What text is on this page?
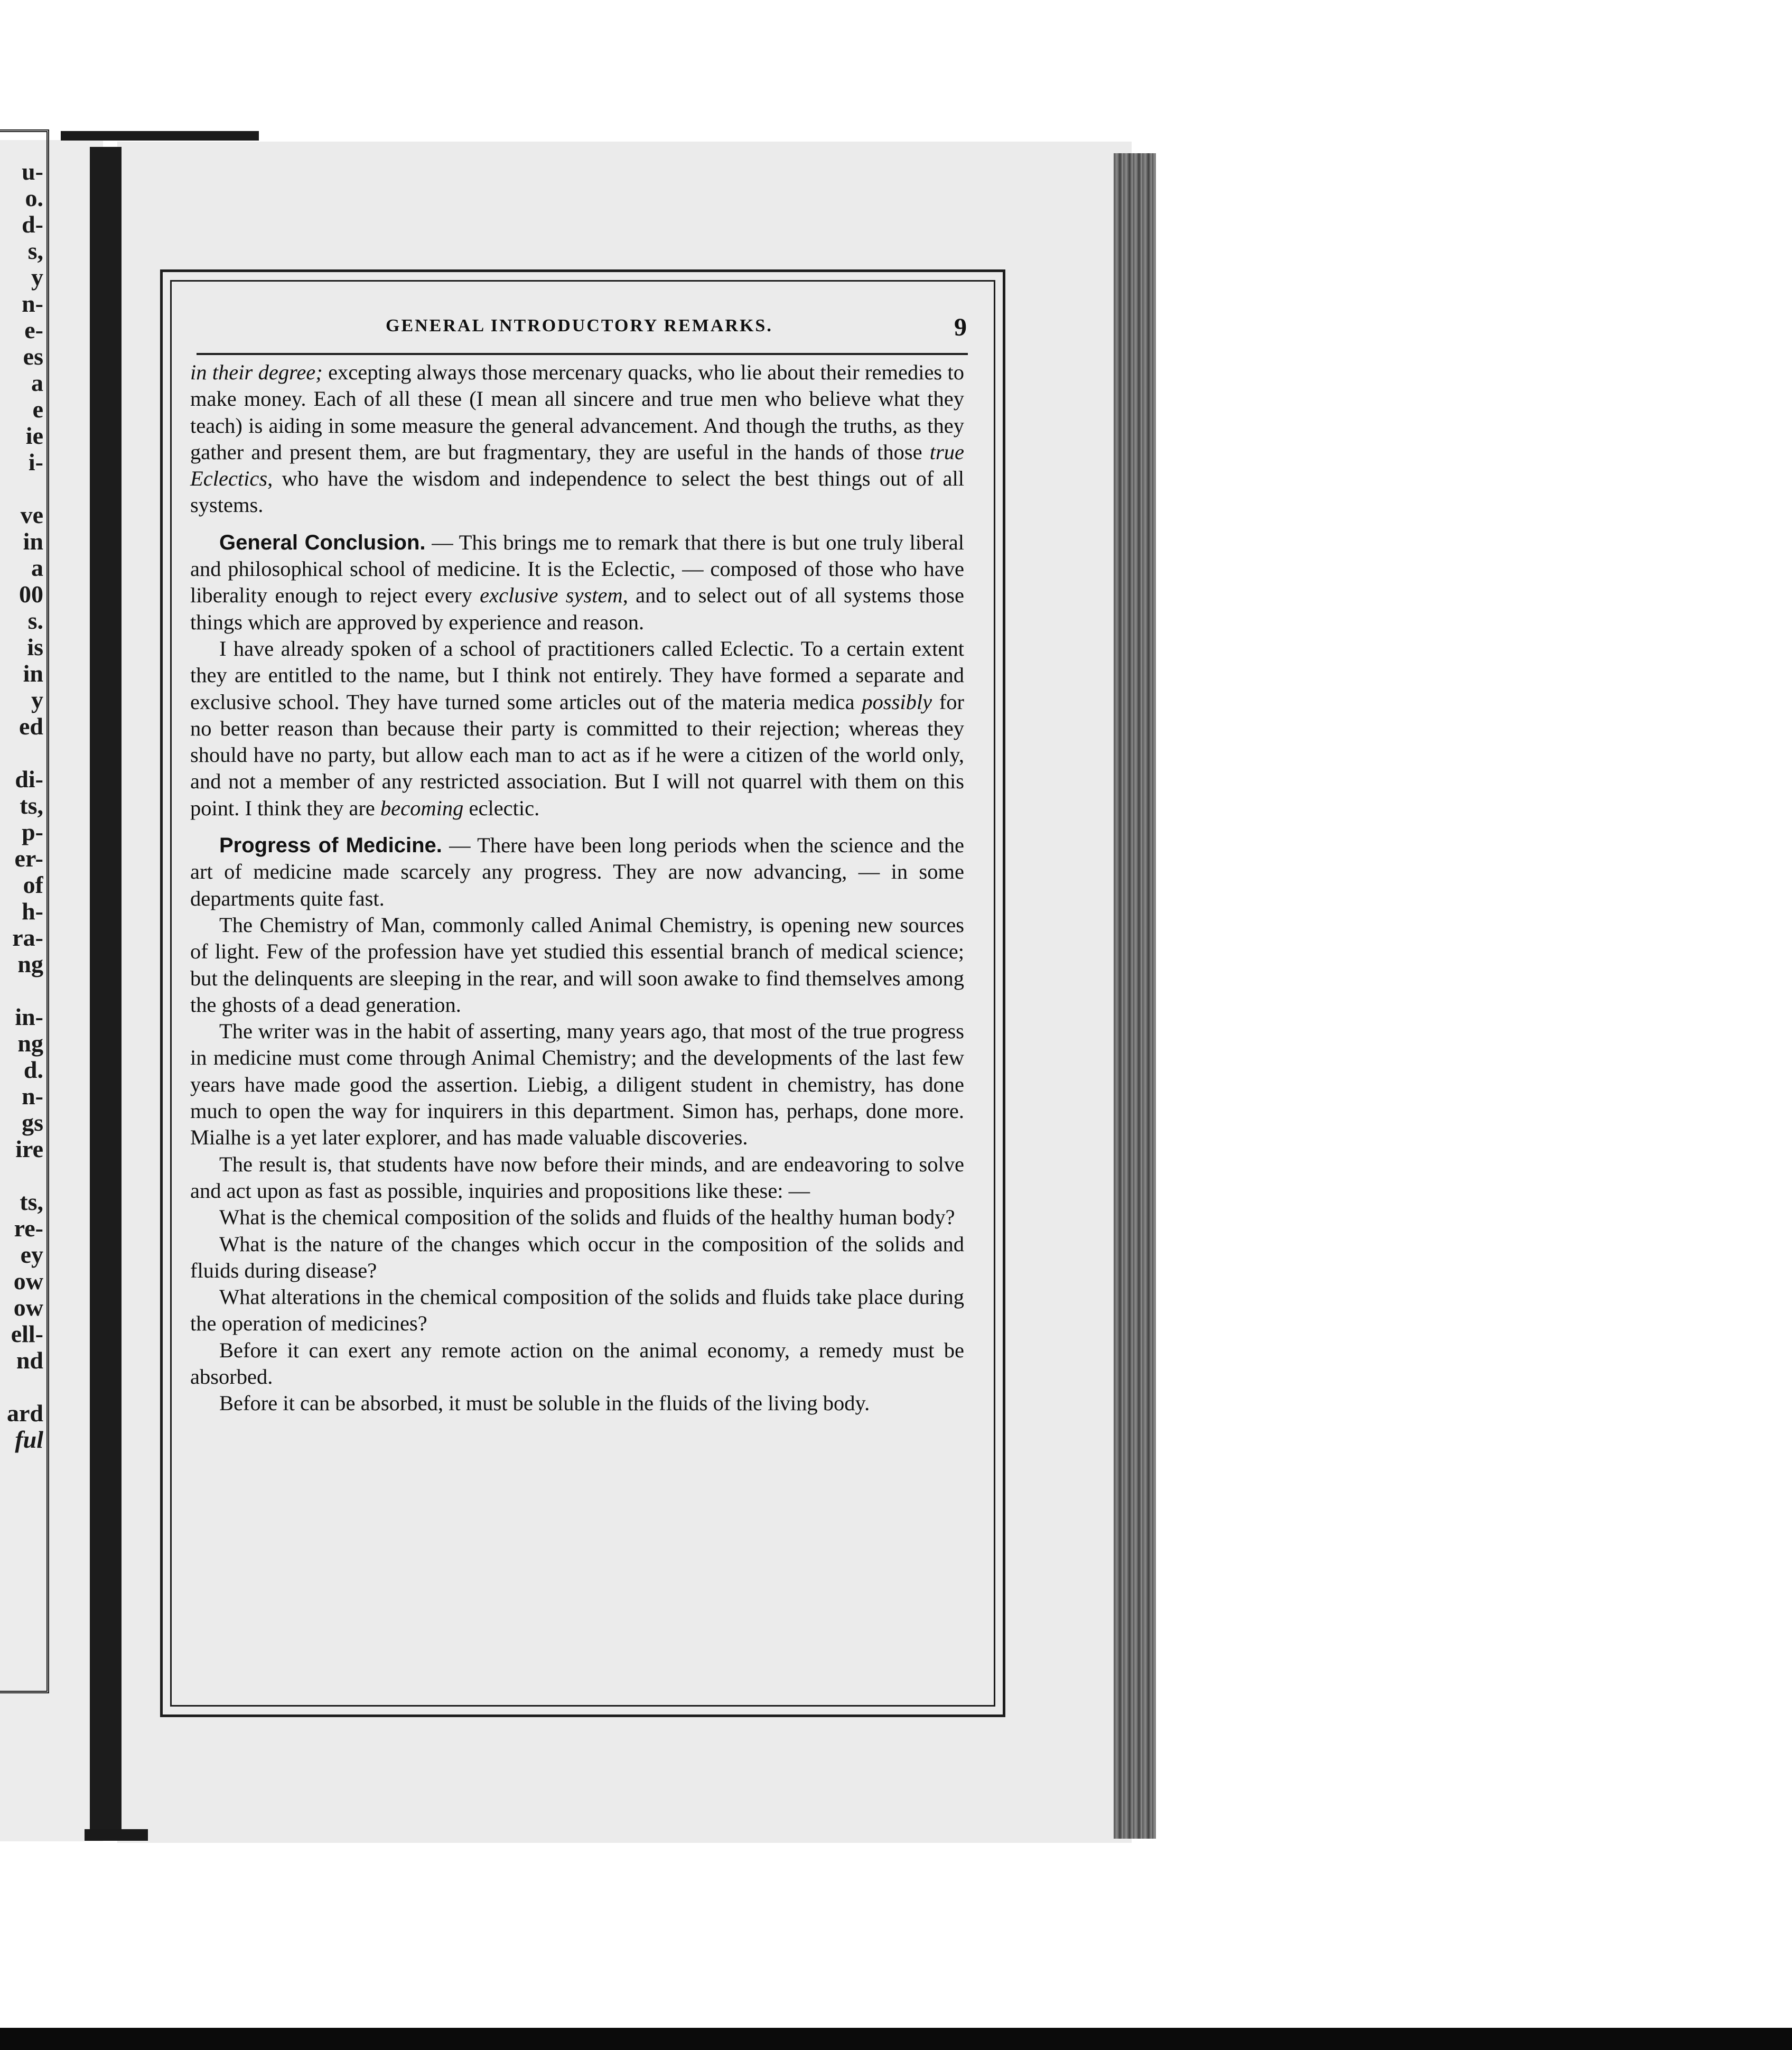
u-
o.
d-
s,
y
n-
e-
es
a
e
ie
i-
ve
in
a
00
s.
is
in
y
ed
di-
ts,
p-
er-
of
h-
ra-
ng
in-
ng
d.
n-
gs
ire
ts,
re-
ey
ow
ow
ell-
nd
ard
ful
GENERAL INTRODUCTORY REMARKS.	9

in their degree; excepting always those mercenary quacks, who lie about their remedies to make money. Each of all these (I mean all sincere and true men who believe what they teach) is aiding in some measure the general advancement. And though the truths, as they gather and present them, are but fragmentary, they are useful in the hands of those true Eclectics, who have the wisdom and independence to select the best things out of all systems.

General Conclusion. — This brings me to remark that there is but one truly liberal and philosophical school of medicine. It is the Eclectic, — composed of those who have liberality enough to reject every exclusive system, and to select out of all systems those things which are approved by experience and reason.

I have already spoken of a school of practitioners called Eclectic. To a certain extent they are entitled to the name, but I think not entirely. They have formed a separate and exclusive school. They have turned some articles out of the materia medica possibly for no better reason than because their party is committed to their rejection; whereas they should have no party, but allow each man to act as if he were a citizen of the world only, and not a member of any restricted association. But I will not quarrel with them on this point. I think they are becoming eclectic.

Progress of Medicine. — There have been long periods when the science and the art of medicine made scarcely any progress. They are now advancing, — in some departments quite fast.

The Chemistry of Man, commonly called Animal Chemistry, is opening new sources of light. Few of the profession have yet studied this essential branch of medical science; but the delinquents are sleeping in the rear, and will soon awake to find themselves among the ghosts of a dead generation.

The writer was in the habit of asserting, many years ago, that most of the true progress in medicine must come through Animal Chemistry; and the developments of the last few years have made good the assertion. Liebig, a diligent student in chemistry, has done much to open the way for inquirers in this department. Simon has, perhaps, done more. Mialhe is a yet later explorer, and has made valuable discoveries.

The result is, that students have now before their minds, and are endeavoring to solve and act upon as fast as possible, inquiries and propositions like these: —

What is the chemical composition of the solids and fluids of the healthy human body?

What is the nature of the changes which occur in the composition of the solids and fluids during disease?

What alterations in the chemical composition of the solids and fluids take place during the operation of medicines?

Before it can exert any remote action on the animal economy, a remedy must be absorbed.

Before it can be absorbed, it must be soluble in the fluids of the living body.
